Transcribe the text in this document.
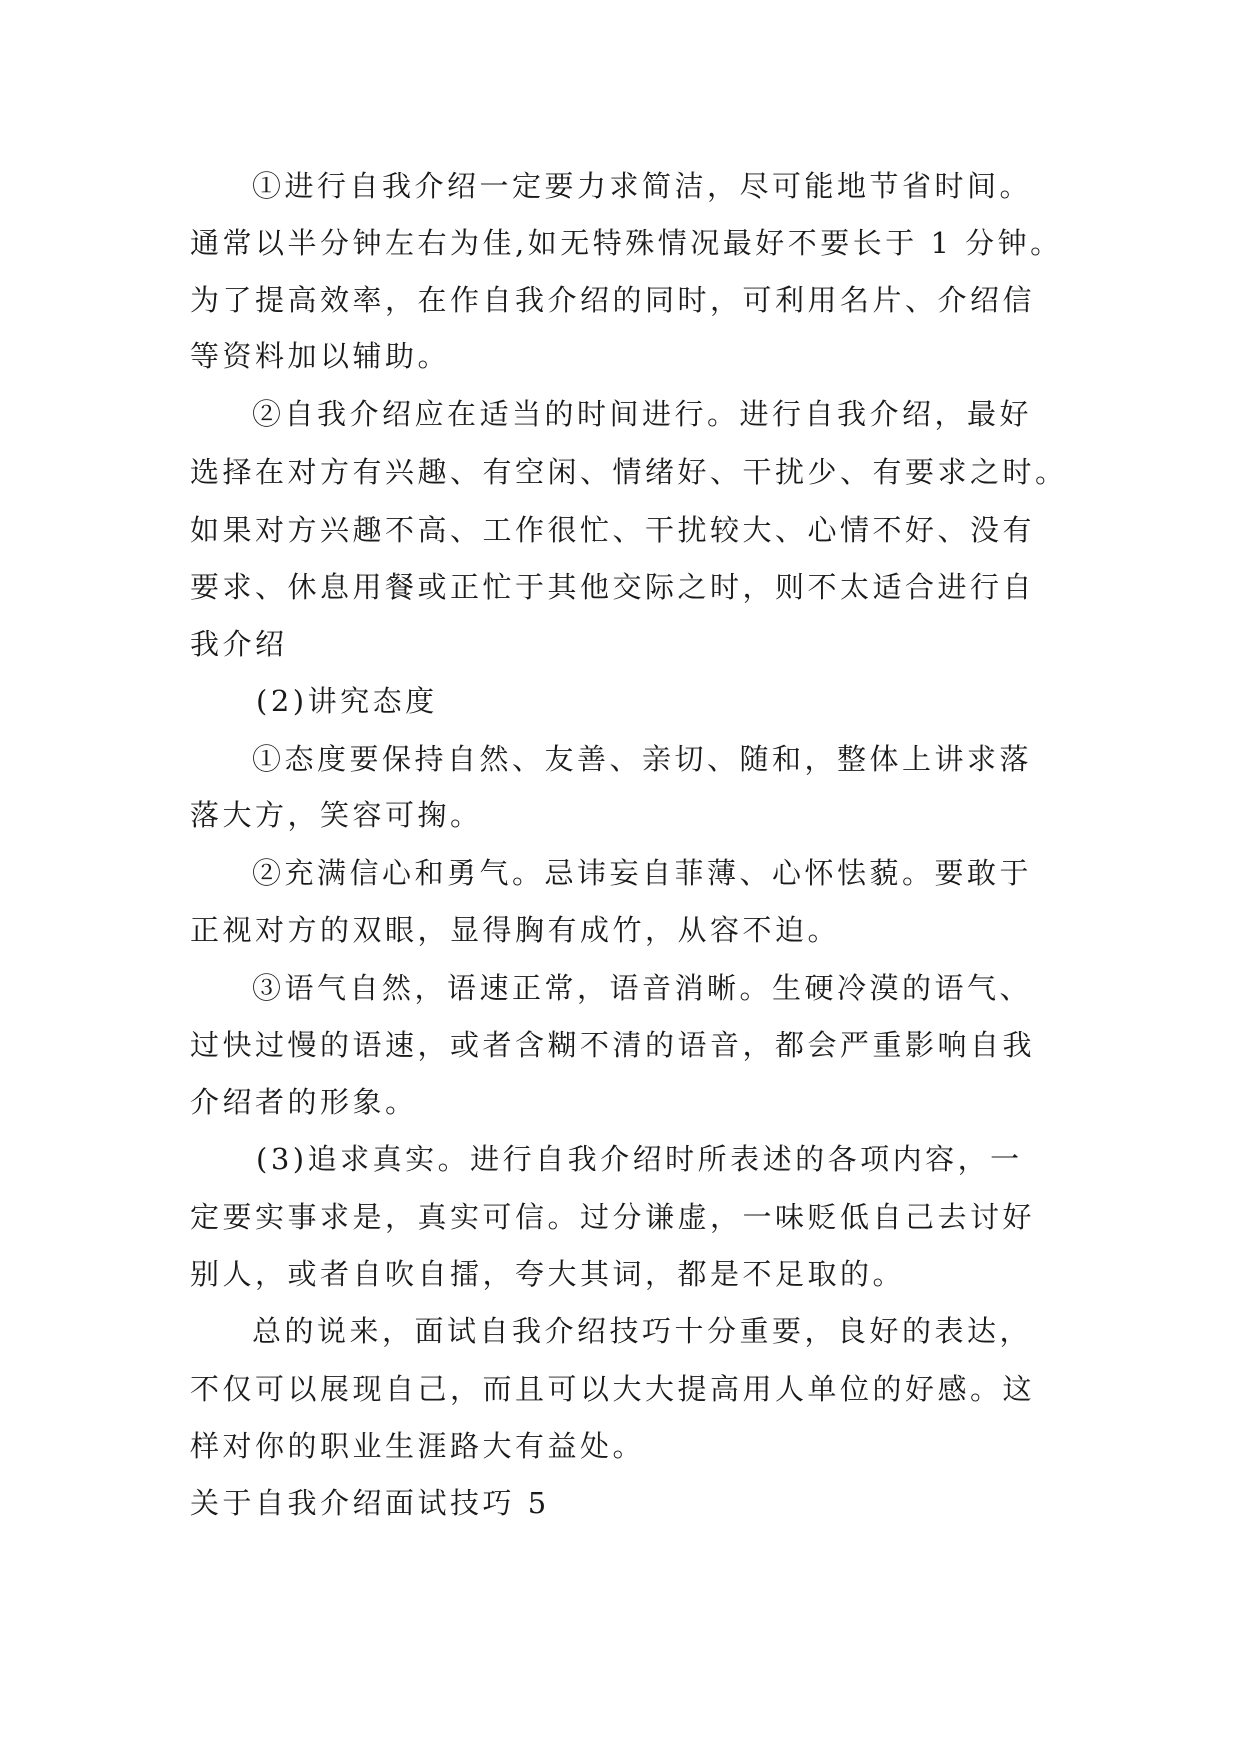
①进行自我介绍一定要力求简洁，尽可能地节省时间。
通常以半分钟左右为佳,如无特殊情况最好不要长于 1 分钟。
为了提高效率，在作自我介绍的同时，可利用名片、介绍信
等资料加以辅助。
②自我介绍应在适当的时间进行。进行自我介绍，最好
选择在对方有兴趣、有空闲、情绪好、干扰少、有要求之时。
如果对方兴趣不高、工作很忙、干扰较大、心情不好、没有
要求、休息用餐或正忙于其他交际之时，则不太适合进行自
我介绍
(2)讲究态度
①态度要保持自然、友善、亲切、随和，整体上讲求落
落大方，笑容可掬。
②充满信心和勇气。忌讳妄自菲薄、心怀怯藐。要敢于
正视对方的双眼，显得胸有成竹，从容不迫。
③语气自然，语速正常，语音消晰。生硬冷漠的语气、
过快过慢的语速，或者含糊不清的语音，都会严重影响自我
介绍者的形象。
(3)追求真实。进行自我介绍时所表述的各项内容，一
定要实事求是，真实可信。过分谦虚，一味贬低自己去讨好
别人，或者自吹自擂，夸大其词，都是不足取的。
总的说来，面试自我介绍技巧十分重要，良好的表达，
不仅可以展现自己，而且可以大大提高用人单位的好感。这
样对你的职业生涯路大有益处。
关于自我介绍面试技巧 5
